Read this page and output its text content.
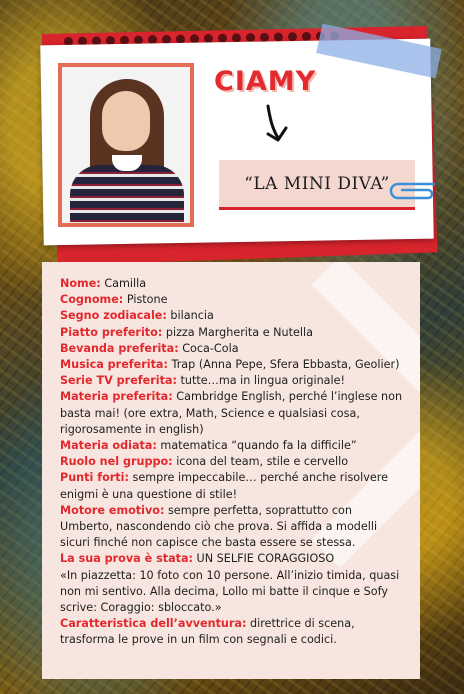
CIAMY
“LA MINI DIVA”

Nome: Camilla

Cognome: Pistone

Segno zodiacale: bilancia

Piatto preferito: pizza Margherita e Nutella

Bevanda preferita: Coca-Cola

Musica preferita: Trap (Anna Pepe, Sfera Ebbasta, Geolier)

Serie TV preferita: tutte…ma in lingua originale!

Materia preferita: Cambridge English, perché l’inglese non basta mai! (ore extra, Math, Science e qualsiasi cosa, rigorosamente in english)

Materia odiata: matematica “quando fa la difficile”

Ruolo nel gruppo: icona del team, stile e cervello

Punti forti: sempre impeccabile… perché anche risolvere enigmi è una questione di stile!

Motore emotivo: sempre perfetta, soprattutto con Umberto, nascondendo ciò che prova. Si affida a modelli sicuri finché non capisce che basta essere se stessa.

La sua prova è stata: UN SELFIE CORAGGIOSO

«In piazzetta: 10 foto con 10 persone. All’inizio timida, quasi non mi sentivo. Alla decima, Lollo mi batte il cinque e Sofy scrive: Coraggio: sbloccato.»

Caratteristica dell’avventura: direttrice di scena, trasforma le prove in un film con segnali e codici.
